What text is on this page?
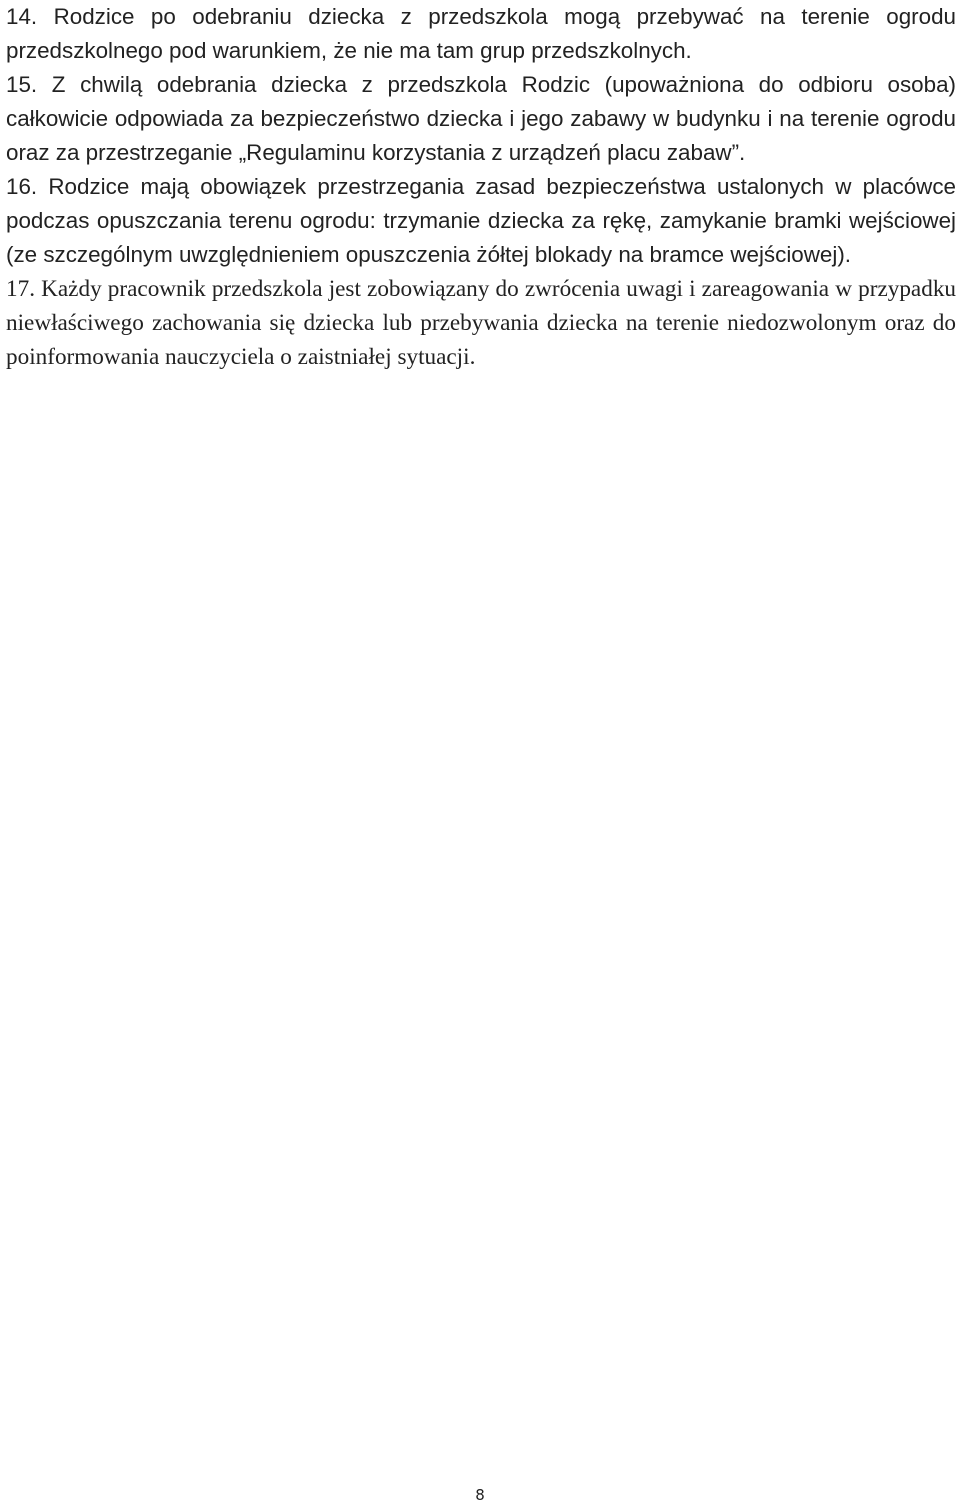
14. Rodzice po odebraniu dziecka z przedszkola mogą przebywać na terenie ogrodu przedszkolnego pod warunkiem, że nie ma tam grup przedszkolnych.

15. Z chwilą odebrania dziecka z przedszkola Rodzic (upoważniona do odbioru osoba) całkowicie odpowiada za bezpieczeństwo dziecka i jego zabawy w budynku i na terenie ogrodu oraz za przestrzeganie „Regulaminu korzystania z urządzeń placu zabaw”.

16. Rodzice mają obowiązek przestrzegania zasad bezpieczeństwa ustalonych w placówce podczas opuszczania terenu ogrodu: trzymanie dziecka za rękę, zamykanie bramki wejściowej (ze szczególnym uwzględnieniem opuszczenia żółtej blokady na bramce wejściowej).

17. Każdy pracownik przedszkola jest zobowiązany do zwrócenia uwagi i zareagowania w przypadku niewłaściwego zachowania się dziecka lub przebywania dziecka na terenie niedozwolonym oraz do poinformowania nauczyciela o zaistniałej sytuacji.

8
